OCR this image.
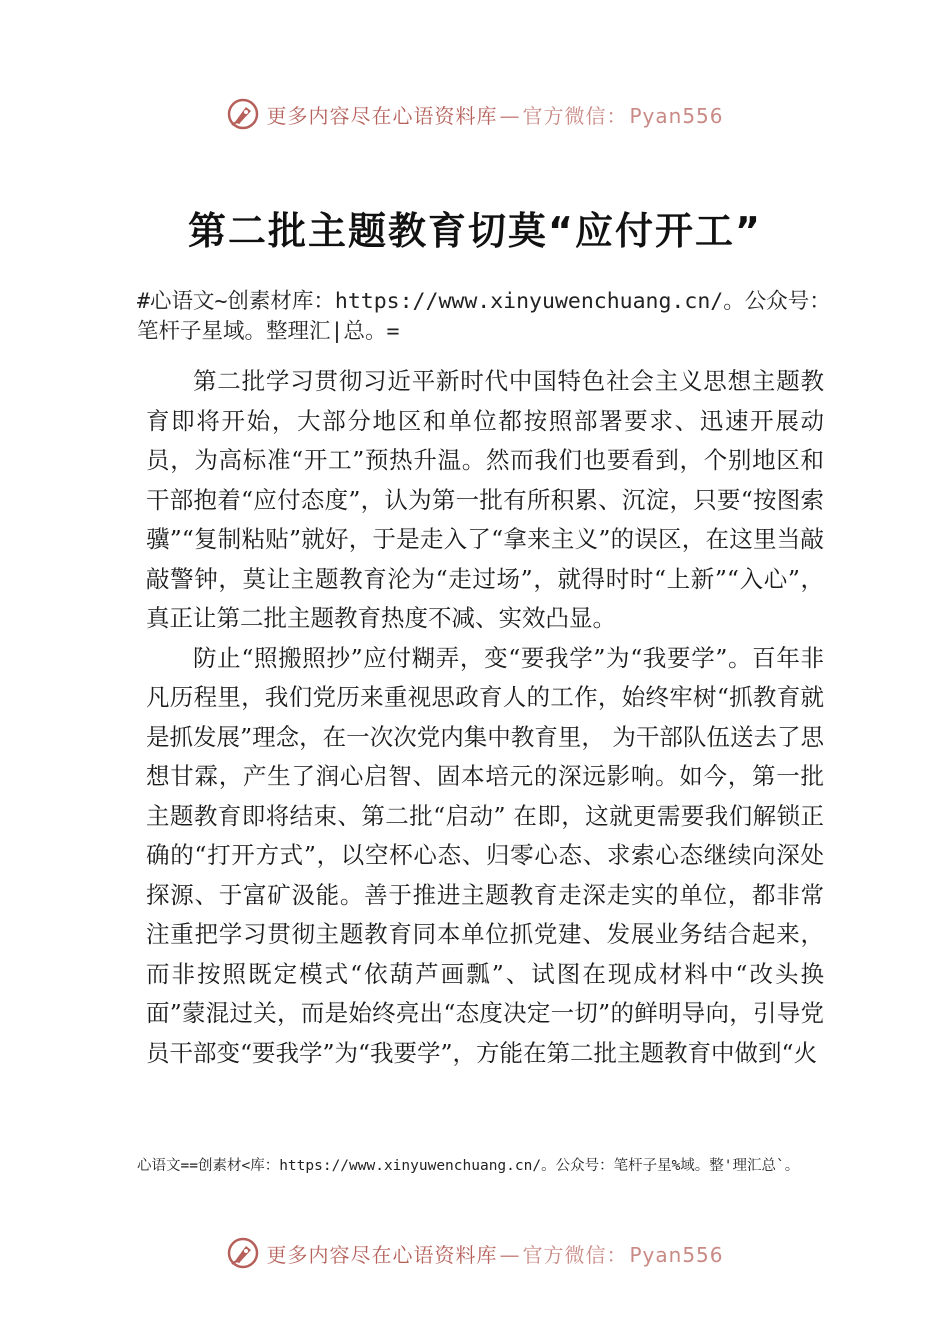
更多内容尽在心语资料库 — 官方微信： Pyan556
第二批主题教育切莫“应付开工”
#心语文~创素材库：https://www.xinyuwenchuang.cn/。公众号：笔杆子星域。整理汇|总。=

第二批学习贯彻习近平新时代中国特色社会主义思想主题教育即将开始，大部分地区和单位都按照部署要求、迅速开展动员，为高标准“开工”预热升温。然而我们也要看到，个别地区和干部抱着“应付态度”，认为第一批有所积累、沉淀，只要“按图索骥”“复制粘贴”就好，于是走入了“拿来主义”的误区，在这里当敲敲警钟，莫让主题教育沦为“走过场”，就得时时“上新”“入心”，真正让第二批主题教育热度不减、实效凸显。

防止“照搬照抄”应付糊弄，变“要我学”为“我要学”。百年非凡历程里，我们党历来重视思政育人的工作，始终牢树“抓教育就是抓发展”理念，在一次次党内集中教育里， 为干部队伍送去了思想甘霖，产生了润心启智、固本培元的深远影响。如今，第一批主题教育即将结束、第二批“启动” 在即，这就更需要我们解锁正确的“打开方式”，以空杯心态、归零心态、求索心态继续向深处探源、于富矿汲能。善于推进主题教育走深走实的单位，都非常注重把学习贯彻主题教育同本单位抓党建、发展业务结合起来，而非按照既定模式“依葫芦画瓢”、试图在现成材料中“改头换面”蒙混过关，而是始终亮出“态度决定一切”的鲜明导向，引导党员干部变“要我学”为“我要学”，方能在第二批主题教育中做到“火

心语文==创素材<库：https://www.xinyuwenchuang.cn/。公众号：笔杆子星%域。整'理汇总`。
更多内容尽在心语资料库 — 官方微信： Pyan556
